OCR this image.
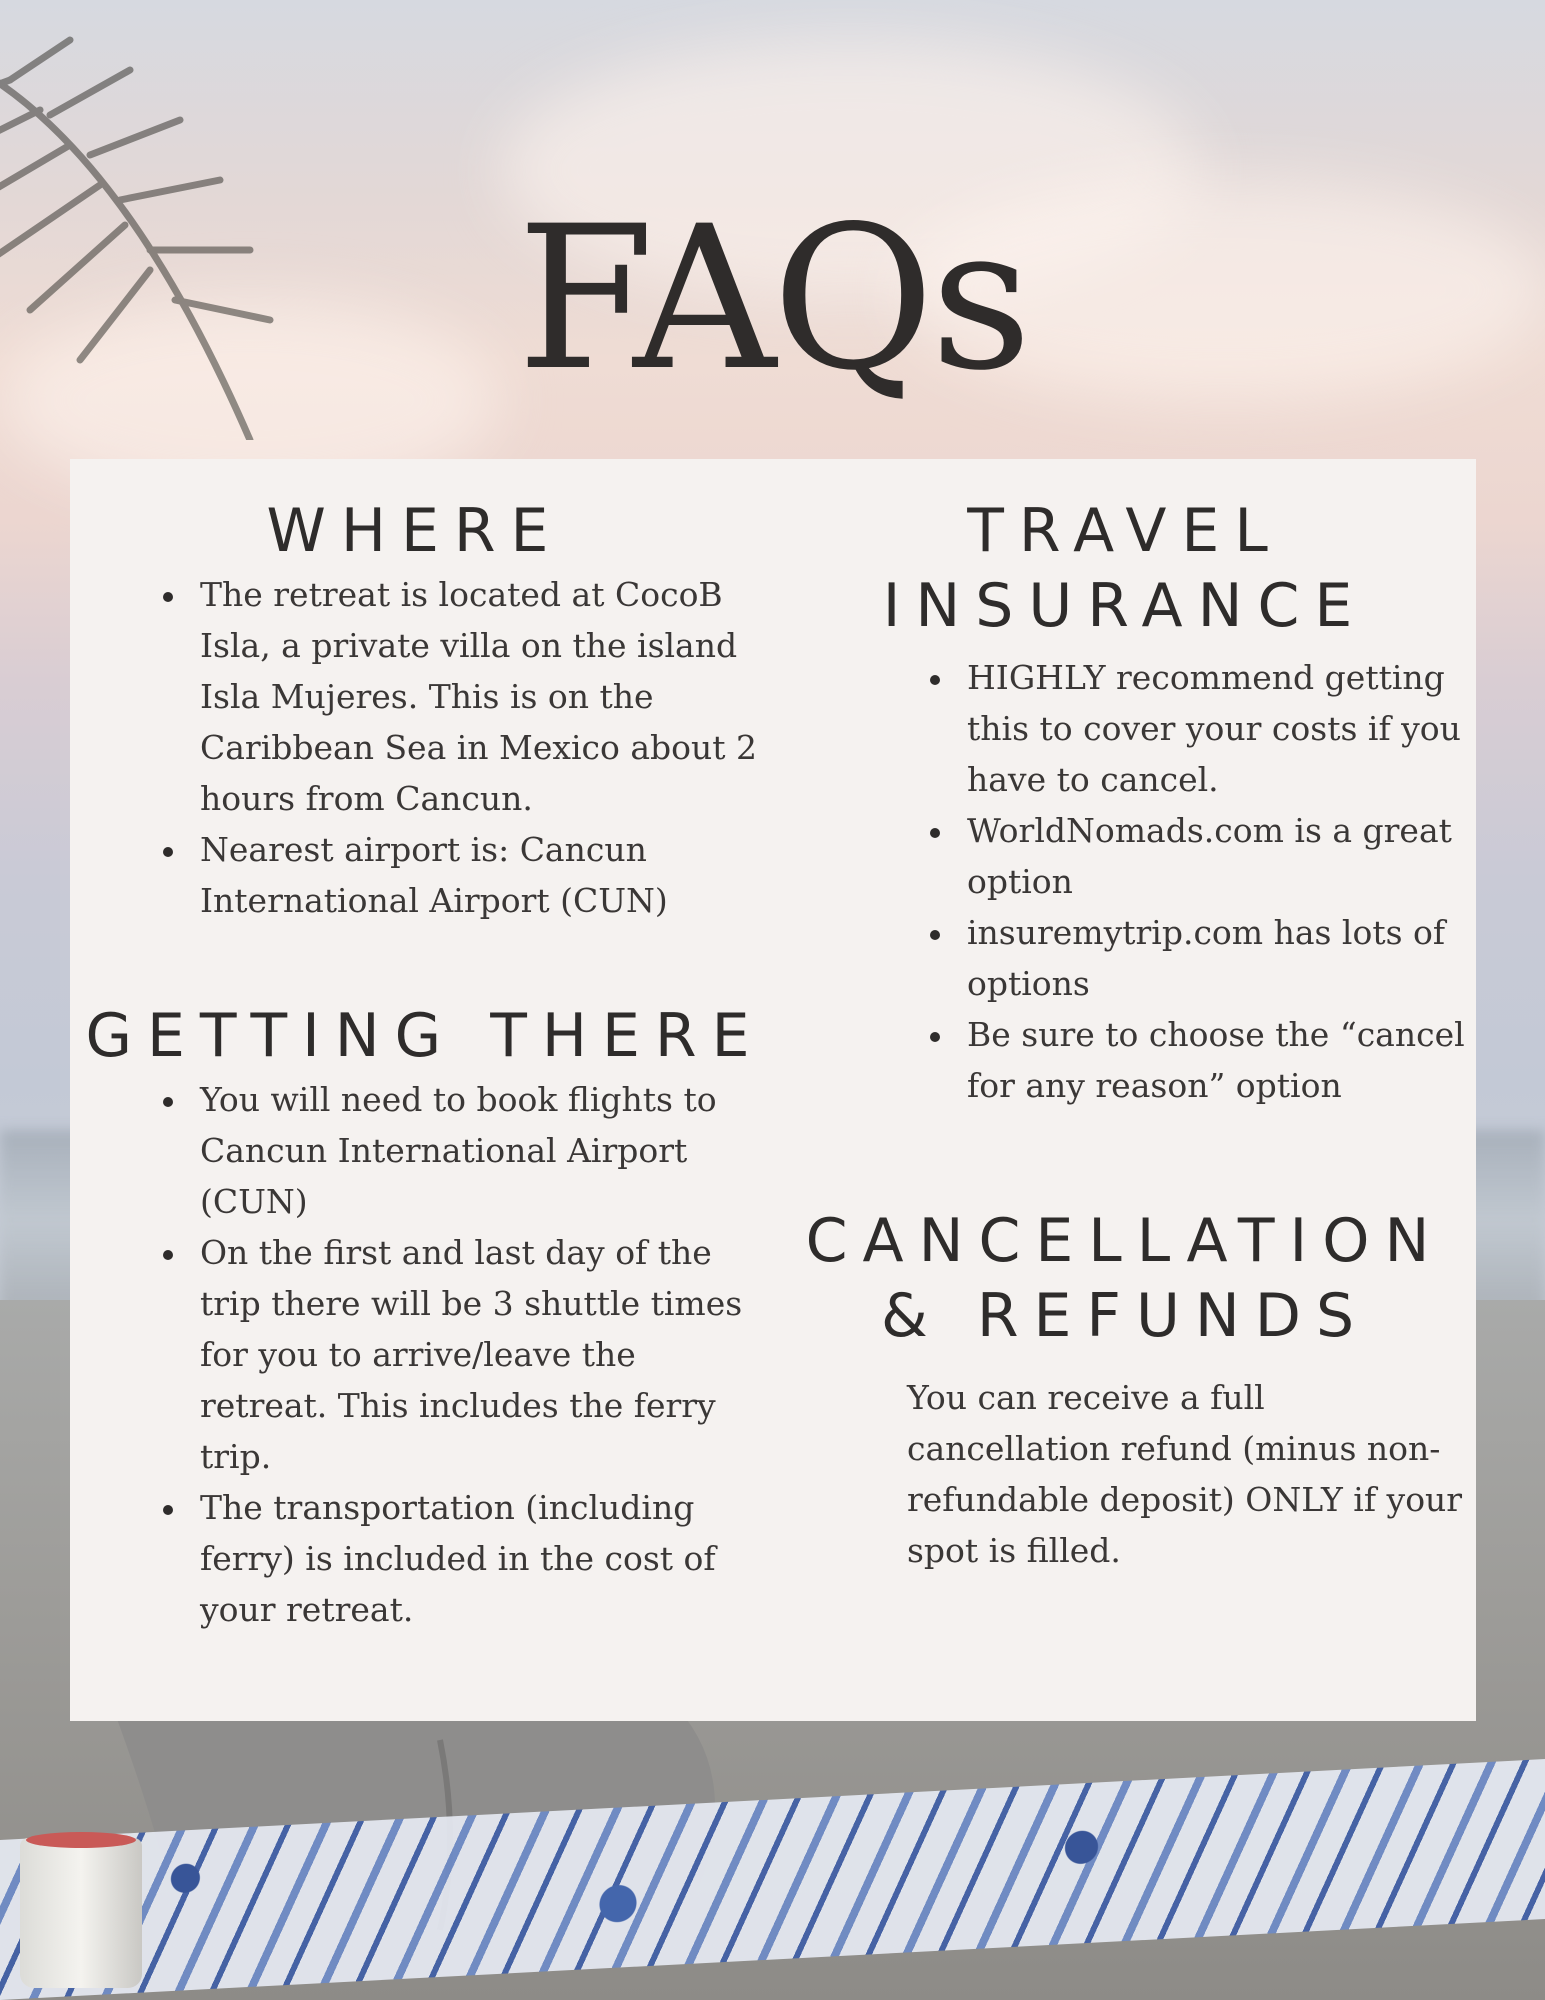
FAQs
WHERE
The retreat is located at CocoB Isla, a private villa on the island Isla Mujeres. This is on the Caribbean Sea in Mexico about 2 hours from Cancun.
Nearest airport is: Cancun International Airport (CUN)
GETTING THERE
You will need to book flights to Cancun International Airport (CUN)
On the first and last day of the trip there will be 3 shuttle times for you to arrive/leave the retreat. This includes the ferry trip.
The transportation (including ferry) is included in the cost of your retreat.
TRAVEL
INSURANCE
HIGHLY recommend getting this to cover your costs if you have to cancel.
WorldNomads.com is a great option
insuremytrip.com has lots of options
Be sure to choose the “cancel for any reason” option
CANCELLATION
& REFUNDS
You can receive a full cancellation refund (minus non-refundable deposit) ONLY if your spot is filled.
